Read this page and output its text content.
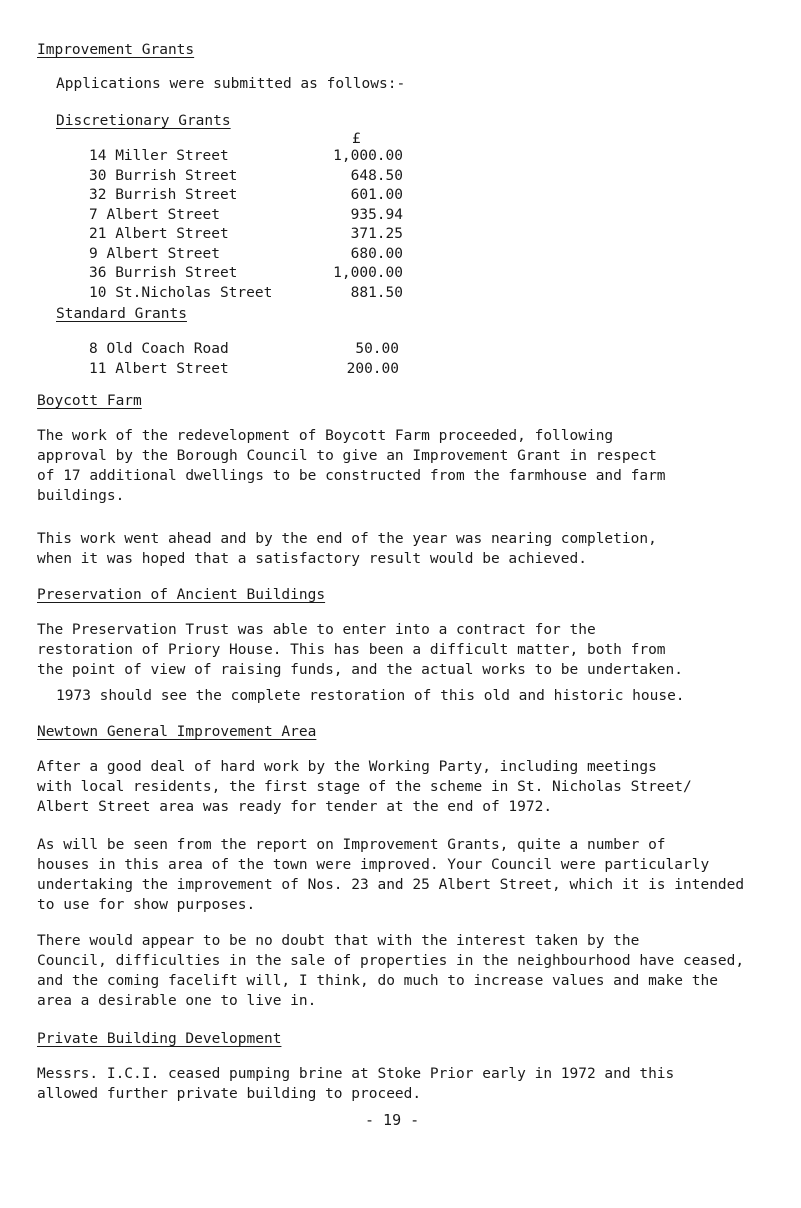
Improvement Grants

Applications were submitted as follows:-

Discretionary Grants
£
14 Miller Street	1,000.00
30 Burrish Street	648.50
32 Burrish Street	601.00
7 Albert Street	935.94
21 Albert Street	371.25
9 Albert Street	680.00
36 Burrish Street	1,000.00
10 St.Nicholas Street	881.50
Standard Grants
8 Old Coach Road	50.00
11 Albert Street	200.00
Boycott Farm
The work of the redevelopment of Boycott Farm proceeded, following
approval by the Borough Council to give an Improvement Grant in respect
of 17 additional dwellings to be constructed from the farmhouse and farm
buildings.
This work went ahead and by the end of the year was nearing completion,
when it was hoped that a satisfactory result would be achieved.
Preservation of Ancient Buildings
The Preservation Trust was able to enter into a contract for the
restoration of Priory House. This has been a difficult matter, both from
the point of view of raising funds, and the actual works to be undertaken.
1973 should see the complete restoration of this old and historic house.
Newtown General Improvement Area
After a good deal of hard work by the Working Party, including meetings
with local residents, the first stage of the scheme in St. Nicholas Street/
Albert Street area was ready for tender at the end of 1972.
As will be seen from the report on Improvement Grants, quite a number of
houses in this area of the town were improved. Your Council were particularly
undertaking the improvement of Nos. 23 and 25 Albert Street, which it is intended
to use for show purposes.
There would appear to be no doubt that with the interest taken by the
Council, difficulties in the sale of properties in the neighbourhood have ceased,
and the coming facelift will, I think, do much to increase values and make the
area a desirable one to live in.
Private Building Development
Messrs. I.C.I. ceased pumping brine at Stoke Prior early in 1972 and this
allowed further private building to proceed.
- 19 -
